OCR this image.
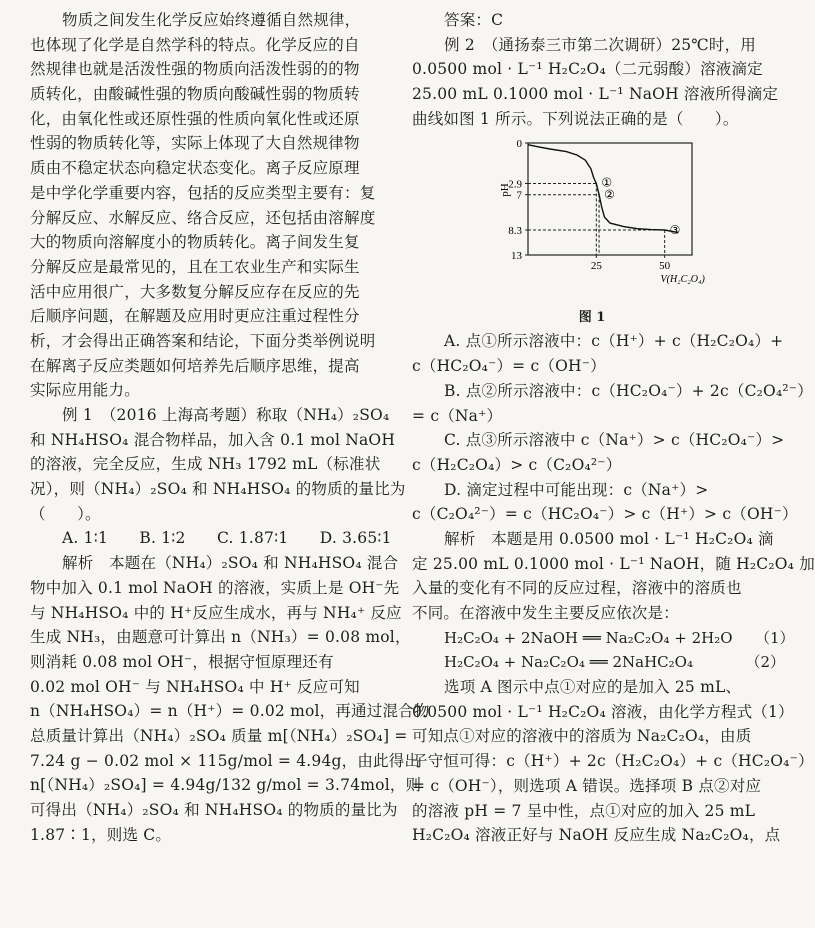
物质之间发生化学反应始终遵循自然规律，
也体现了化学是自然学科的特点。化学反应的自
然规律也就是活泼性强的物质向活泼性弱的的物
质转化，由酸碱性强的物质向酸碱性弱的物质转
化，由氧化性或还原性强的性质向氧化性或还原
性弱的物质转化等，实际上体现了大自然规律物
质由不稳定状态向稳定状态变化。离子反应原理
是中学化学重要内容，包括的反应类型主要有：复
分解反应、水解反应、络合反应，还包括由溶解度
大的物质向溶解度小的物质转化。离子间发生复
分解反应是最常见的，且在工农业生产和实际生
活中应用很广，大多数复分解反应存在反应的先
后顺序问题，在解题及应用时更应注重过程性分
析，才会得出正确答案和结论，下面分类举例说明
在解离子反应类题如何培养先后顺序思维，提高
实际应用能力。
例 1　（2016 上海高考题）称取（NH₄）₂SO₄
和 NH₄HSO₄ 混合物样品，加入含 0.1 mol NaOH
的溶液，完全反应，生成 NH₃ 1792 mL（标准状
况），则（NH₄）₂SO₄ 和 NH₄HSO₄ 的物质的量比为
（　　）。
A. 1∶1　　B. 1∶2　　C. 1.87∶1　　D. 3.65∶1
解析　本题在（NH₄）₂SO₄ 和 NH₄HSO₄ 混合
物中加入 0.1 mol NaOH 的溶液，实质上是 OH⁻先
与 NH₄HSO₄ 中的 H⁺反应生成水，再与 NH₄⁺ 反应
生成 NH₃，由题意可计算出 n（NH₃）= 0.08 mol，
则消耗 0.08 mol OH⁻，根据守恒原理还有
0.02 mol OH⁻ 与 NH₄HSO₄ 中 H⁺ 反应可知
n（NH₄HSO₄）= n（H⁺）= 0.02 mol，再通过混合物
总质量计算出（NH₄）₂SO₄ 质量 m[（NH₄）₂SO₄] =
7.24 g − 0.02 mol × 115g/mol = 4.94g，由此得出
n[（NH₄）₂SO₄] = 4.94g/132 g/mol = 3.74mol，则
可得出（NH₄）₂SO₄ 和 NH₄HSO₄ 的物质的量比为
1.87∶1，则选 C。
答案：C
例 2　（通扬泰三市第二次调研）25℃时，用
0.0500 mol · L⁻¹ H₂C₂O₄（二元弱酸）溶液滴定
25.00 mL 0.1000 mol · L⁻¹ NaOH 溶液所得滴定
曲线如图 1 所示。下列说法正确的是（　　）。
13
8.3
7
2.9
0
25	50
pH
V(H₂C₂O₄)
①
②
③
图 1
A. 点①所示溶液中：c（H⁺）+ c（H₂C₂O₄）+
c（HC₂O₄⁻）= c（OH⁻）
B. 点②所示溶液中：c（HC₂O₄⁻）+ 2c（C₂O₄²⁻）
= c（Na⁺）
C. 点③所示溶液中 c（Na⁺）> c（HC₂O₄⁻）>
c（H₂C₂O₄）> c（C₂O₄²⁻）
D. 滴定过程中可能出现：c（Na⁺）>
c（C₂O₄²⁻）= c（HC₂O₄⁻）> c（H⁺）> c（OH⁻）
解析　本题是用 0.0500 mol · L⁻¹ H₂C₂O₄ 滴
定 25.00 mL 0.1000 mol · L⁻¹ NaOH，随 H₂C₂O₄ 加
入量的变化有不同的反应过程，溶液中的溶质也
不同。在溶液中发生主要反应依次是：
H₂C₂O₄ + 2NaOH ══ Na₂C₂O₄ + 2H₂O　　（1）
H₂C₂O₄ + Na₂C₂O₄ ══ 2NaHC₂O₄　　　　（2）
选项 A 图示中点①对应的是加入 25 mL、
0.0500 mol · L⁻¹ H₂C₂O₄ 溶液，由化学方程式（1）
可知点①对应的溶液中的溶质为 Na₂C₂O₄，由质
子守恒可得：c（H⁺）+ 2c（H₂C₂O₄）+ c（HC₂O₄⁻）
= c（OH⁻），则选项 A 错误。选择项 B 点②对应
的溶液 pH = 7 呈中性，点①对应的加入 25 mL
H₂C₂O₄ 溶液正好与 NaOH 反应生成 Na₂C₂O₄，点
